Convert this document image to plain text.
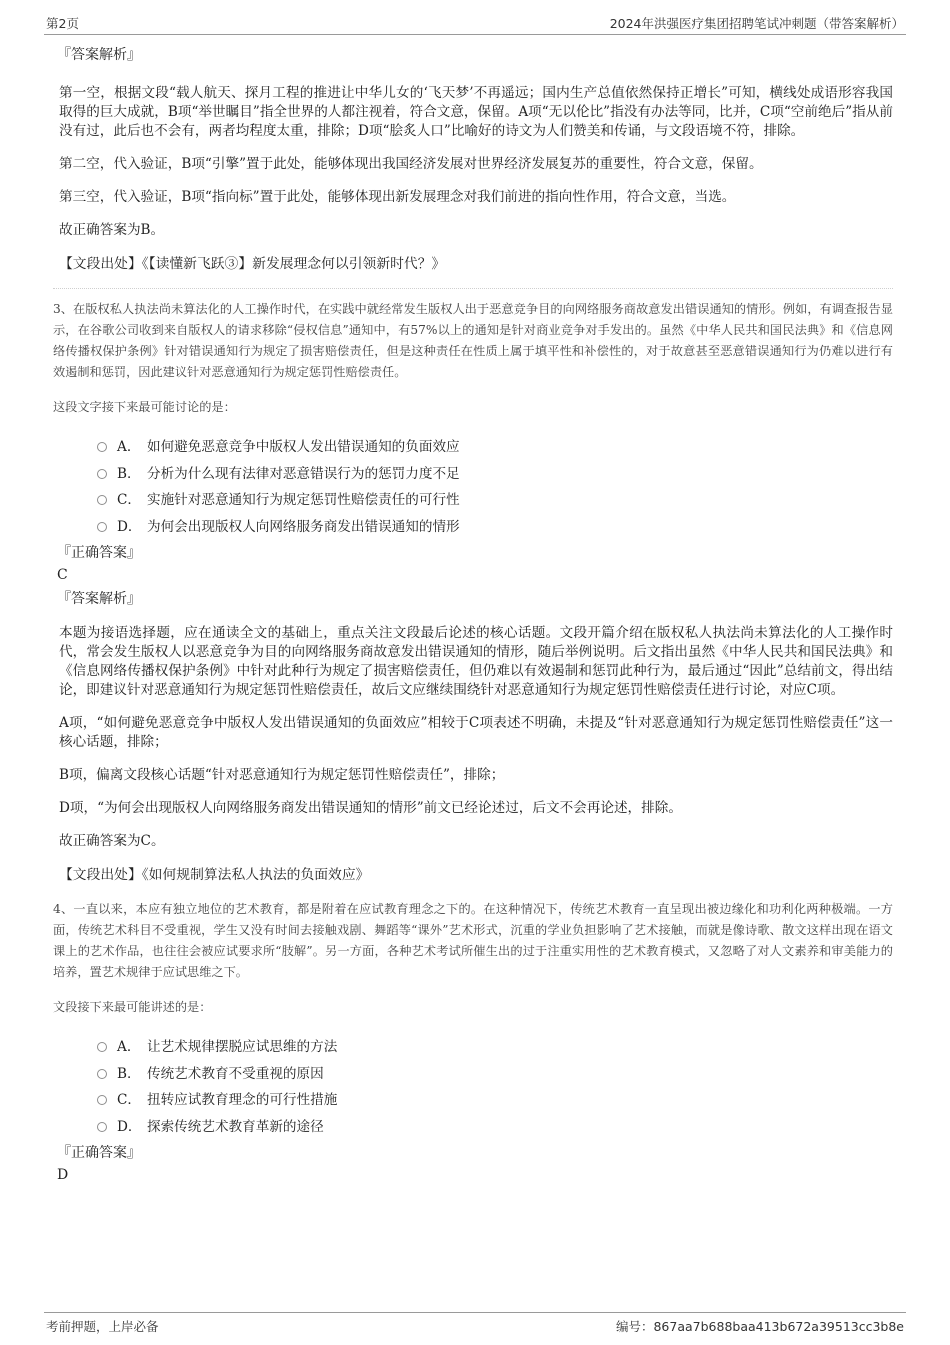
第2页	2024年洪强医疗集团招聘笔试冲刺题（带答案解析）
『答案解析』

第一空，根据文段“载人航天、探月工程的推进让中华儿女的‘飞天梦’不再遥远；国内生产总值依然保持正增长”可知，横线处成语形容我国取得的巨大成就，B项“举世瞩目”指全世界的人都注视着，符合文意，保留。A项“无以伦比”指没有办法等同，比并，C项“空前绝后”指从前没有过，此后也不会有，两者均程度太重，排除；D项“脍炙人口”比喻好的诗文为人们赞美和传诵，与文段语境不符，排除。

第二空，代入验证，B项“引擎”置于此处，能够体现出我国经济发展对世界经济发展复苏的重要性，符合文意，保留。

第三空，代入验证，B项“指向标”置于此处，能够体现出新发展理念对我们前进的指向性作用，符合文意，当选。

故正确答案为B。

【文段出处】《【读懂新飞跃③】新发展理念何以引领新时代？》

3、在版权私人执法尚未算法化的人工操作时代，在实践中就经常发生版权人出于恶意竞争目的向网络服务商故意发出错误通知的情形。例如，有调查报告显示，在谷歌公司收到来自版权人的请求移除“侵权信息”通知中，有57%以上的通知是针对商业竞争对手发出的。虽然《中华人民共和国民法典》和《信息网络传播权保护条例》针对错误通知行为规定了损害赔偿责任，但是这种责任在性质上属于填平性和补偿性的，对于故意甚至恶意错误通知行为仍难以进行有效遏制和惩罚，因此建议针对恶意通知行为规定惩罚性赔偿责任。

这段文字接下来最可能讨论的是：

A． 如何避免恶意竞争中版权人发出错误通知的负面效应
B． 分析为什么现有法律对恶意错误行为的惩罚力度不足
C． 实施针对恶意通知行为规定惩罚性赔偿责任的可行性
D． 为何会出现版权人向网络服务商发出错误通知的情形
『正确答案』
C
『答案解析』

本题为接语选择题，应在通读全文的基础上，重点关注文段最后论述的核心话题。文段开篇介绍在版权私人执法尚未算法化的人工操作时代，常会发生版权人以恶意竞争为目的向网络服务商故意发出错误通知的情形，随后举例说明。后文指出虽然《中华人民共和国民法典》和《信息网络传播权保护条例》中针对此种行为规定了损害赔偿责任，但仍难以有效遏制和惩罚此种行为，最后通过“因此”总结前文，得出结论，即建议针对恶意通知行为规定惩罚性赔偿责任，故后文应继续围绕针对恶意通知行为规定惩罚性赔偿责任进行讨论，对应C项。

A项，“如何避免恶意竞争中版权人发出错误通知的负面效应”相较于C项表述不明确，未提及“针对恶意通知行为规定惩罚性赔偿责任”这一核心话题，排除；

B项，偏离文段核心话题“针对恶意通知行为规定惩罚性赔偿责任”，排除；

D项，“为何会出现版权人向网络服务商发出错误通知的情形”前文已经论述过，后文不会再论述，排除。

故正确答案为C。

【文段出处】《如何规制算法私人执法的负面效应》

4、一直以来，本应有独立地位的艺术教育，都是附着在应试教育理念之下的。在这种情况下，传统艺术教育一直呈现出被边缘化和功利化两种极端。一方面，传统艺术科目不受重视，学生又没有时间去接触戏剧、舞蹈等“课外”艺术形式，沉重的学业负担影响了艺术接触，而就是像诗歌、散文这样出现在语文课上的艺术作品，也往往会被应试要求所“肢解”。另一方面，各种艺术考试所催生出的过于注重实用性的艺术教育模式，又忽略了对人文素养和审美能力的培养，置艺术规律于应试思维之下。

文段接下来最可能讲述的是：

A． 让艺术规律摆脱应试思维的方法
B． 传统艺术教育不受重视的原因
C． 扭转应试教育理念的可行性措施
D． 探索传统艺术教育革新的途径
『正确答案』
D
考前押题，上岸必备	编号：867aa7b688baa413b672a39513cc3b8e
